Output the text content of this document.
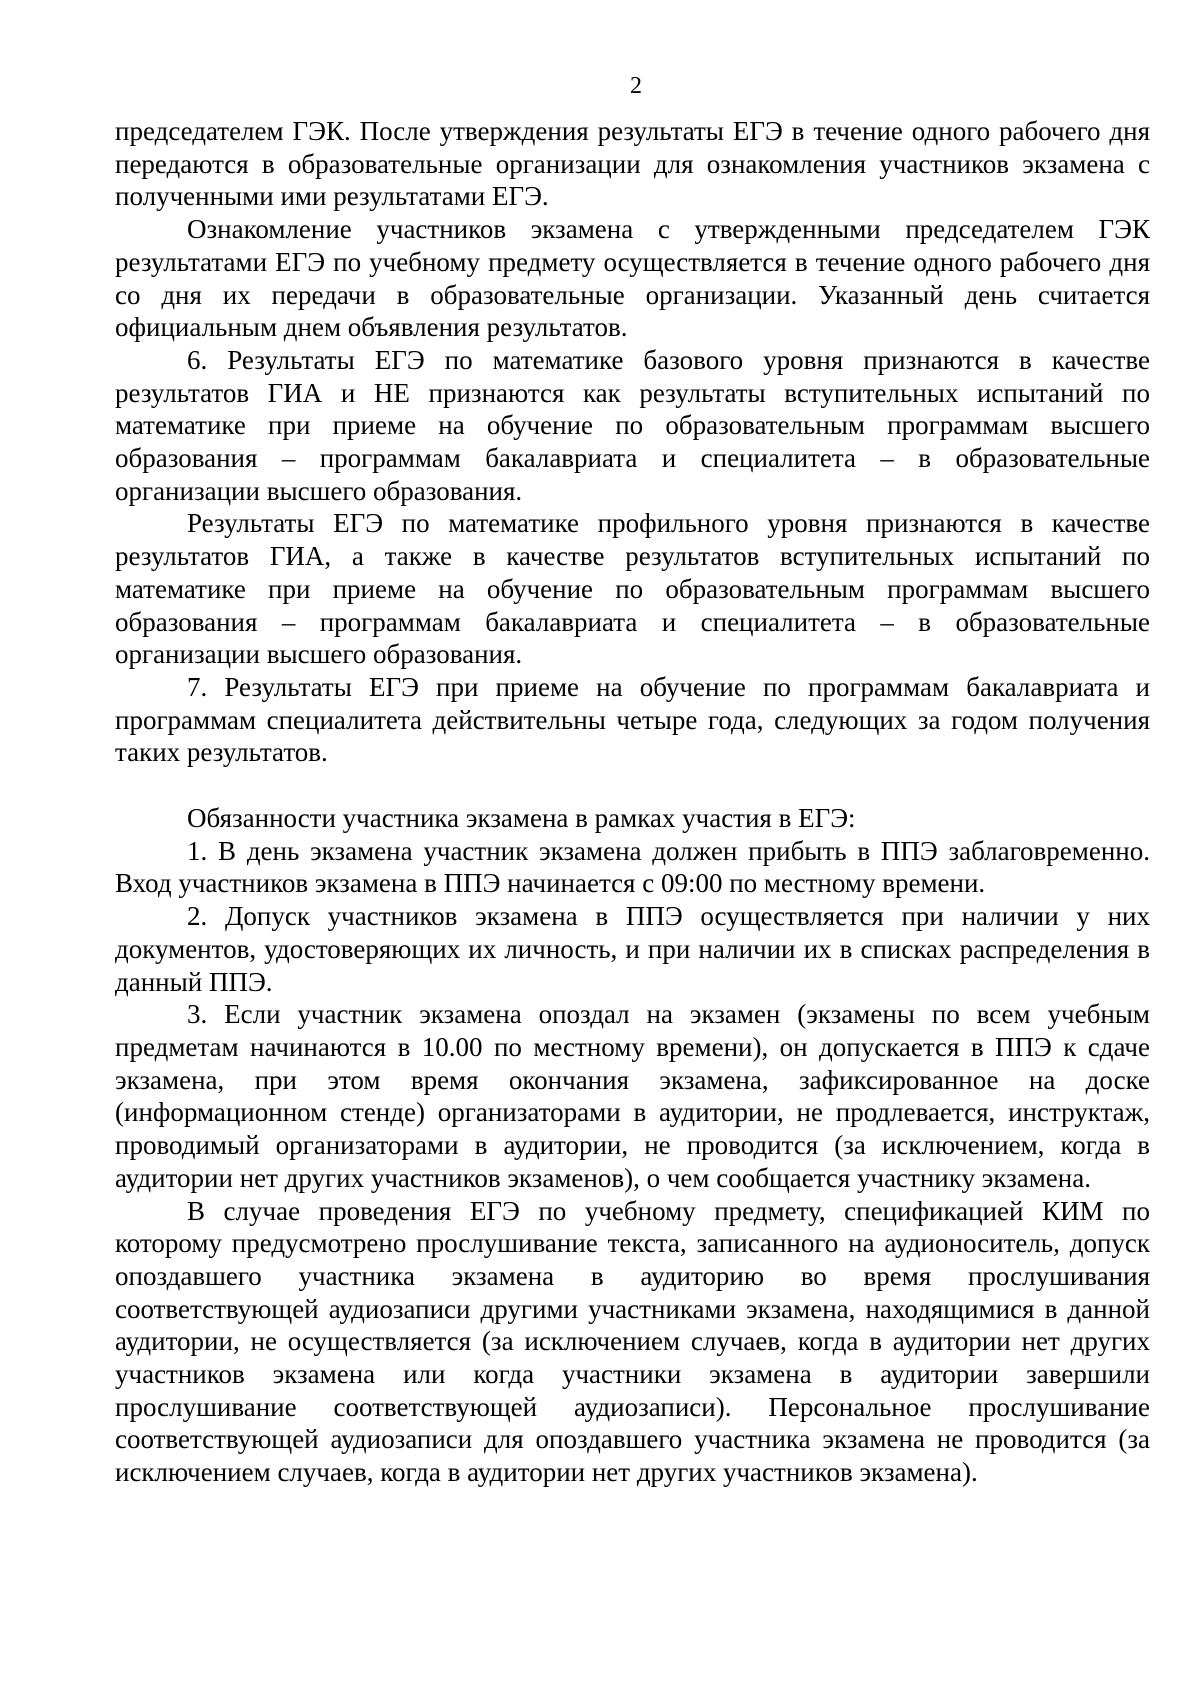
2

председателем ГЭК. После утверждения результаты ЕГЭ в течение одного рабочего дня передаются в образовательные организации для ознакомления участников экзамена с полученными ими результатами ЕГЭ.

Ознакомление участников экзамена с утвержденными председателем ГЭК результатами ЕГЭ по учебному предмету осуществляется в течение одного рабочего дня со дня их передачи в образовательные организации. Указанный день считается официальным днем объявления результатов.

6. Результаты ЕГЭ по математике базового уровня признаются в качестве результатов ГИА и НЕ признаются как результаты вступительных испытаний по математике при приеме на обучение по образовательным программам высшего образования – программам бакалавриата и специалитета – в образовательные организации высшего образования.

Результаты ЕГЭ по математике профильного уровня признаются в качестве результатов ГИА, а также в качестве результатов вступительных испытаний по математике при приеме на обучение по образовательным программам высшего образования – программам бакалавриата и специалитета – в образовательные организации высшего образования.

7. Результаты ЕГЭ при приеме на обучение по программам бакалавриата и программам специалитета действительны четыре года, следующих за годом получения таких результатов.

Обязанности участника экзамена в рамках участия в ЕГЭ:

1. В день экзамена участник экзамена должен прибыть в ППЭ заблаговременно. Вход участников экзамена в ППЭ начинается с 09:00 по местному времени.

2. Допуск участников экзамена в ППЭ осуществляется при наличии у них документов, удостоверяющих их личность, и при наличии их в списках распределения в данный ППЭ.

3. Если участник экзамена опоздал на экзамен (экзамены по всем учебным предметам начинаются в 10.00 по местному времени), он допускается в ППЭ к сдаче экзамена, при этом время окончания экзамена, зафиксированное на доске (информационном стенде) организаторами в аудитории, не продлевается, инструктаж, проводимый организаторами в аудитории, не проводится (за исключением, когда в аудитории нет других участников экзаменов), о чем сообщается участнику экзамена.

В случае проведения ЕГЭ по учебному предмету, спецификацией КИМ по которому предусмотрено прослушивание текста, записанного на аудионоситель, допуск опоздавшего участника экзамена в аудиторию во время прослушивания соответствующей аудиозаписи другими участниками экзамена, находящимися в данной аудитории, не осуществляется (за исключением случаев, когда в аудитории нет других участников экзамена или когда участники экзамена в аудитории завершили прослушивание соответствующей аудиозаписи). Персональное прослушивание соответствующей аудиозаписи для опоздавшего участника экзамена не проводится (за исключением случаев, когда в аудитории нет других участников экзамена).
